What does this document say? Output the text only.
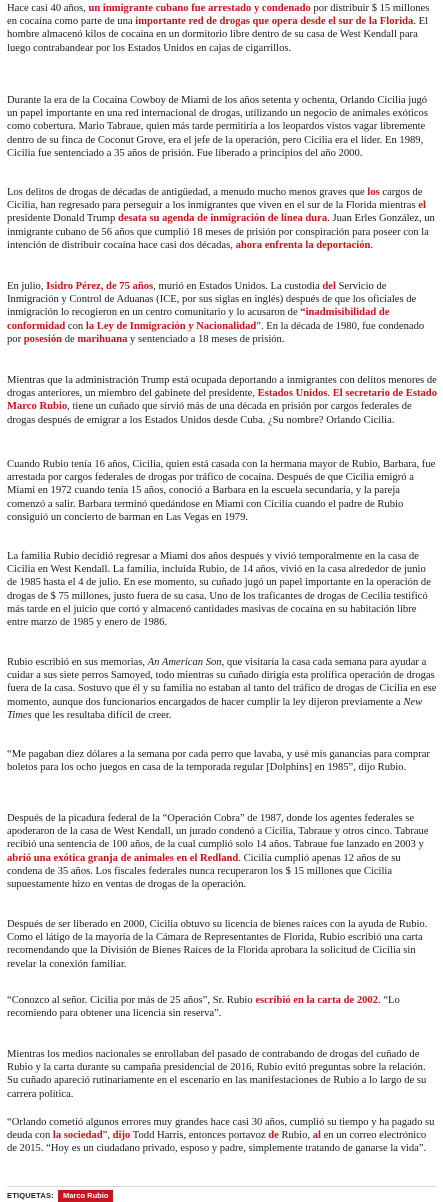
Hace casi 40 años, un inmigrante cubano fue arrestado y condenado por distribuir $ 15 millones en cocaína como parte de una importante red de drogas que opera desde el sur de la Florida. El hombre almacenó kilos de cocaína en un dormitorio libre dentro de su casa de West Kendall para luego contrabandear por los Estados Unidos en cajas de cigarrillos.

Durante la era de la Cocaína Cowboy de Miami de los años setenta y ochenta, Orlando Cicilia jugó un papel importante en una red internacional de drogas, utilizando un negocio de animales exóticos como cobertura. Mario Tabraue, quien más tarde permitiría a los leopardos vistos vagar libremente dentro de su finca de Coconut Grove, era el jefe de la operación, pero Cicilia era el líder. En 1989, Cicilia fue sentenciado a 35 años de prisión. Fue liberado a principios del año 2000.

Los delitos de drogas de décadas de antigüedad, a menudo mucho menos graves que los cargos de Cicilia, han regresado para perseguir a los inmigrantes que viven en el sur de la Florida mientras el presidente Donald Trump desata su agenda de inmigración de línea dura. Juan Erles González, un inmigrante cubano de 56 años que cumplió 18 meses de prisión por conspiración para poseer con la intención de distribuir cocaína hace casi dos décadas, ahora enfrenta la deportación.

En julio, Isidro Pérez, de 75 años, murió en Estados Unidos. La custodia del Servicio de Inmigración y Control de Aduanas (ICE, por sus siglas en inglés) después de que los oficiales de inmigración lo recogieron en un centro comunitario y lo acusaron de “inadmisibilidad de conformidad con la Ley de Inmigración y Nacionalidad”. En la década de 1980, fue condenado por posesión de marihuana y sentenciado a 18 meses de prisión.

Mientras que la administración Trump está ocupada deportando a inmigrantes con delitos menores de drogas anteriores, un miembro del gabinete del presidente, Estados Unidos. El secretario de Estado Marco Rubio, tiene un cuñado que sirvió más de una década en prisión por cargos federales de drogas después de emigrar a los Estados Unidos desde Cuba. ¿Su nombre? Orlando Cicilia.

Cuando Rubio tenía 16 años, Cicilia, quien está casada con la hermana mayor de Rubio, Barbara, fue arrestada por cargos federales de drogas por tráfico de cocaína. Después de que Cicilia emigró a Miami en 1972 cuando tenía 15 años, conoció a Barbara en la escuela secundaria, y la pareja comenzó a salir. Barbara terminó quedándose en Miami con Cicilia cuando el padre de Rubio consiguió un concierto de barman en Las Vegas en 1979.

La familia Rubio decidió regresar a Miami dos años después y vivió temporalmente en la casa de Cicilia en West Kendall. La familia, incluida Rubio, de 14 años, vivió en la casa alrededor de junio de 1985 hasta el 4 de julio. En ese momento, su cuñado jugó un papel importante en la operación de drogas de $ 75 millones, justo fuera de su casa. Uno de los traficantes de drogas de Cecilia testificó más tarde en el juicio que cortó y almacenó cantidades masivas de cocaína en su habitación libre entre marzo de 1985 y enero de 1986.

Rubio escribió en sus memorias, An American Son, que visitaría la casa cada semana para ayudar a cuidar a sus siete perros Samoyed, todo mientras su cuñado dirigía esta prolífica operación de drogas fuera de la casa. Sostuvo que él y su familia no estaban al tanto del tráfico de drogas de Cicilia en ese momento, aunque dos funcionarios encargados de hacer cumplir la ley dijeron previamente a New Times que les resultaba difícil de creer.

“Me pagaban diez dólares a la semana por cada perro que lavaba, y usé mis ganancias para comprar boletos para los ocho juegos en casa de la temporada regular [Dolphins] en 1985”, dijo Rubio.

Después de la picadura federal de la “Operación Cobra” de 1987, donde los agentes federales se apoderaron de la casa de West Kendall, un jurado condenó a Cicilia, Tabraue y otros cinco. Tabraue recibió una sentencia de 100 años, de la cual cumplió solo 14 años. Tabraue fue lanzado en 2003 y abrió una exótica granja de animales en el Redland. Cicilia cumplió apenas 12 años de su condena de 35 años. Los fiscales federales nunca recuperaron los $ 15 millones que Cicilia supuestamente hizo en ventas de drogas de la operación.

Después de ser liberado en 2000, Cicilia obtuvo su licencia de bienes raíces con la ayuda de Rubio. Como el látigo de la mayoría de la Cámara de Representantes de Florida, Rubio escribió una carta recomendando que la División de Bienes Raíces de la Florida aprobara la solicitud de Cicilia sin revelar la conexión familiar.

“Conozco al señor. Cicilia por más de 25 años”, Sr. Rubio escribió en la carta de 2002. “Lo recomiendo para obtener una licencia sin reserva”.

Mientras los medios nacionales se enrollaban del pasado de contrabando de drogas del cuñado de Rubio y la carta durante su campaña presidencial de 2016, Rubio evitó preguntas sobre la relación. Su cuñado apareció rutinariamente en el escenario en las manifestaciones de Rubio a lo largo de su carrera política.

“Orlando cometió algunos errores muy grandes hace casi 30 años, cumplió su tiempo y ha pagado su deuda con la sociedad”, dijo Todd Harris, entonces portavoz de Rubio, al en un correo electrónico de 2015. “Hoy es un ciudadano privado, esposo y padre, simplemente tratando de ganarse la vida”.

ETIQUETAS:	Marco Rubio
